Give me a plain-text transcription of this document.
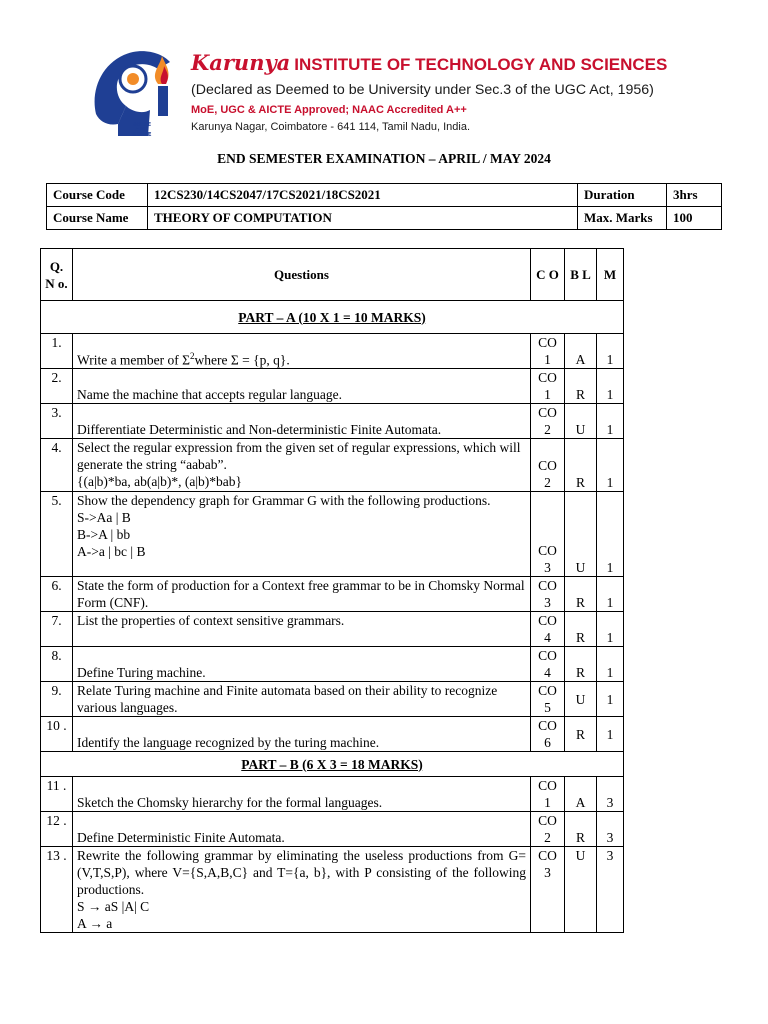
ARISE
AND
SHINE
Karunya INSTITUTE OF TECHNOLOGY AND SCIENCES
(Declared as Deemed to be University under Sec.3 of the UGC Act, 1956)
MoE, UGC & AICTE Approved; NAAC Accredited A++
Karunya Nagar, Coimbatore - 641 114, Tamil Nadu, India.
END SEMESTER EXAMINATION – APRIL / MAY 2024
Course Code	12CS230/14CS2047/17CS2021/18CS2021	Duration	3hrs
Course Name	THEORY OF COMPUTATION	Max. Marks	100
Q. N o.	Questions	C O	B L	M
PART – A (10 X 1 = 10 MARKS)				
1.	Write a member of $\Sigma^2where$ Σ = {p, q}.	CO 1	A	1
2.	Name the machine that accepts regular language.	CO 1	R	1
3.	Differentiate Deterministic and Non-deterministic Finite Automata.	CO 2	U	1
4.	Select the regular expression from the given set of regular expressions, which will generate the string “aabab”.
{(a|b)*ba, ab(a|b)*, (a|b)*bab}	CO 2	R	1
5.	Show the dependency graph for Grammar G with the following productions.
S->Aa | B
B->A | bb
A->a | bc | B	CO 3	U	1
6.	State the form of production for a Context free grammar to be in Chomsky Normal Form (CNF).	CO 3	R	1
7.	List the properties of context sensitive grammars.	CO 4	R	1
8.	Define Turing machine.	CO 4	R	1
9.	Relate Turing machine and Finite automata based on their ability to recognize various languages.	CO 5	U	1
10 .	Identify the language recognized by the turing machine.	CO 6	R	1
PART – B (6 X 3 = 18 MARKS)				
11 .	Sketch the Chomsky hierarchy for the formal languages.	CO 1	A	3
12 .	Define Deterministic Finite Automata.	CO 2	R	3
13 .	Rewrite the following grammar by eliminating the useless productions from G=(V,T,S,P), where V={S,A,B,C} and T={a, b}, with P consisting of the following productions.
S → aS |A| C
A → a	CO 3	U	3
